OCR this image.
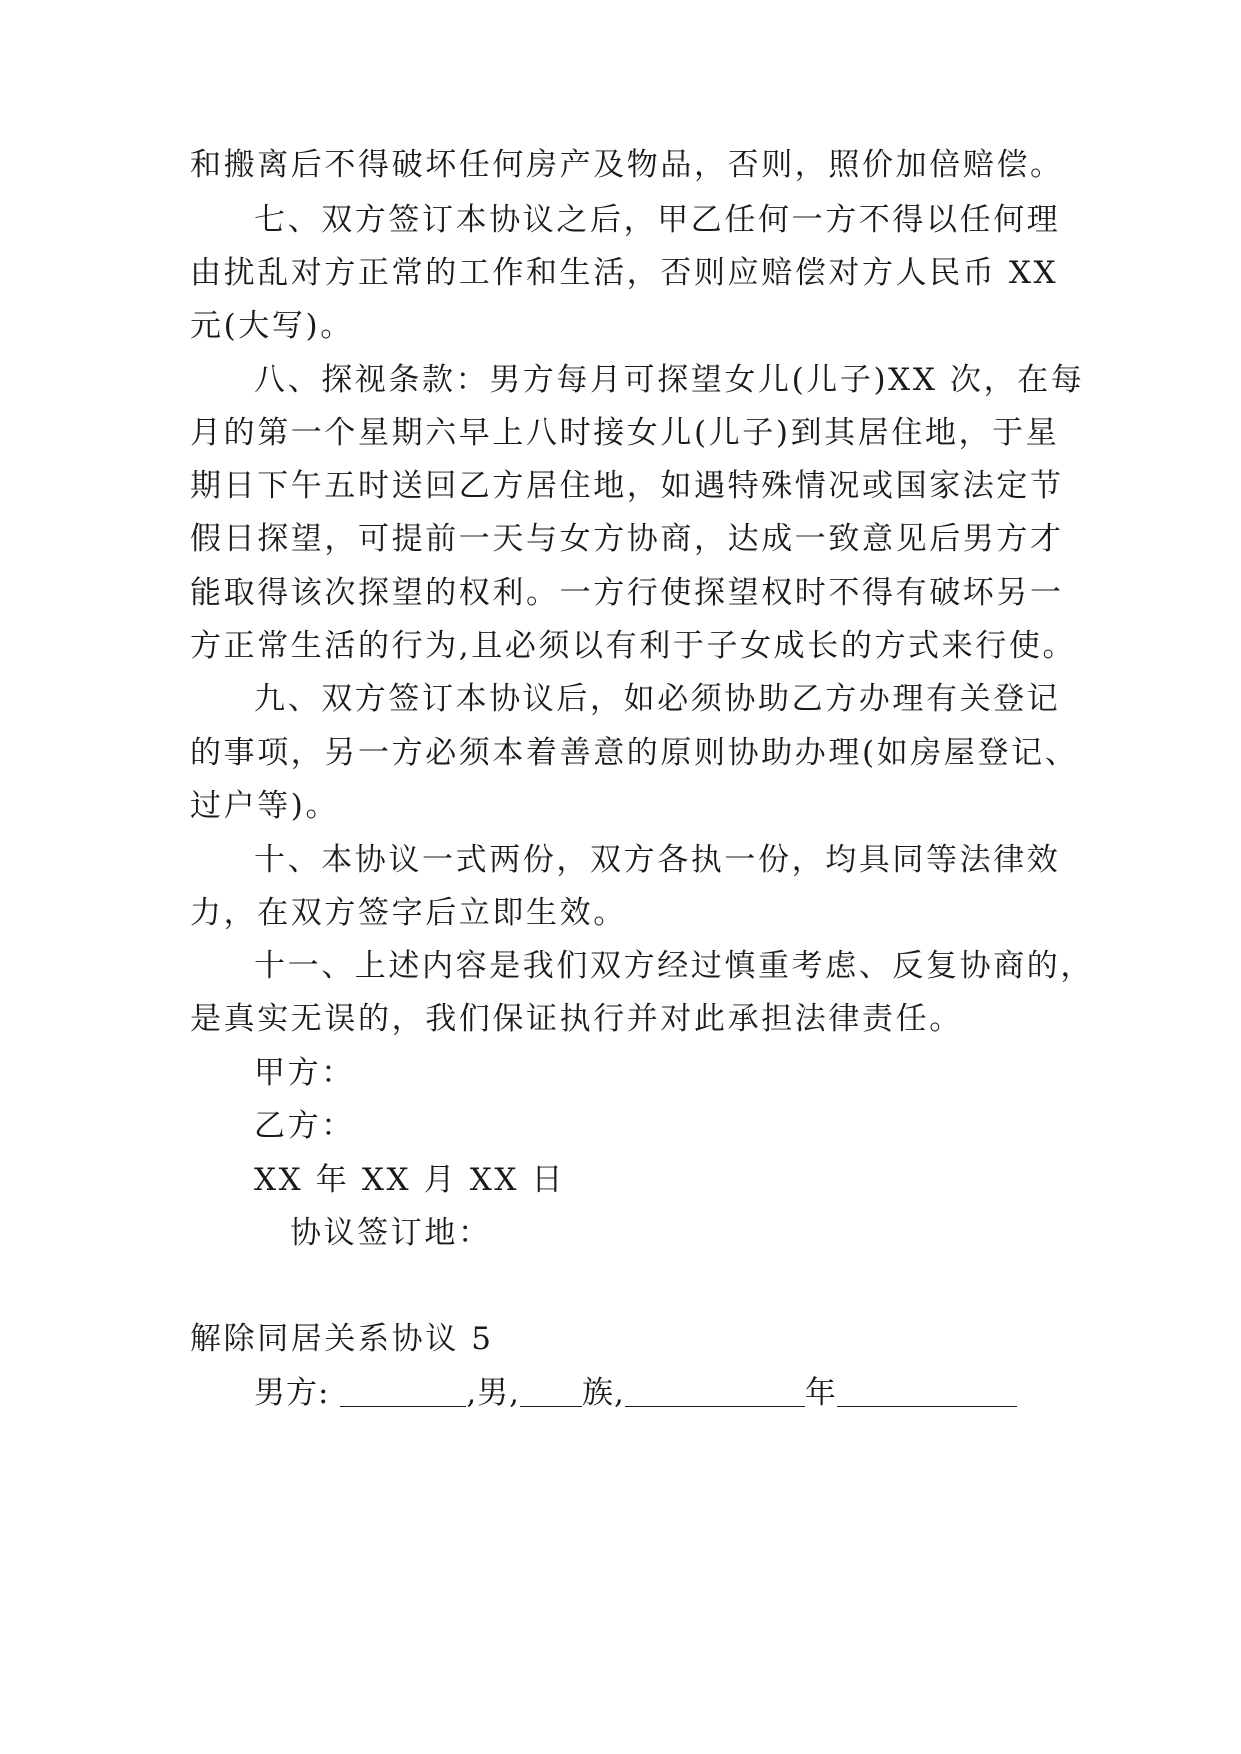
和搬离后不得破坏任何房产及物品，否则，照价加倍赔偿。
七、双方签订本协议之后，甲乙任何一方不得以任何理
由扰乱对方正常的工作和生活，否则应赔偿对方人民币 XX
元(大写)。
八、探视条款：男方每月可探望女儿(儿子)XX 次，在每
月的第一个星期六早上八时接女儿(儿子)到其居住地，于星
期日下午五时送回乙方居住地，如遇特殊情况或国家法定节
假日探望，可提前一天与女方协商，达成一致意见后男方才
能取得该次探望的权利。一方行使探望权时不得有破坏另一
方正常生活的行为,且必须以有利于子女成长的方式来行使。
九、双方签订本协议后，如必须协助乙方办理有关登记
的事项，另一方必须本着善意的原则协助办理(如房屋登记、
过户等)。
十、本协议一式两份，双方各执一份，均具同等法律效
力，在双方签字后立即生效。
十一、上述内容是我们双方经过慎重考虑、反复协商的，
是真实无误的，我们保证执行并对此承担法律责任。
甲方：
乙方：
XX 年 XX 月 XX 日
协议签订地：
解除同居关系协议 5
男方:	,男, 族,	年
